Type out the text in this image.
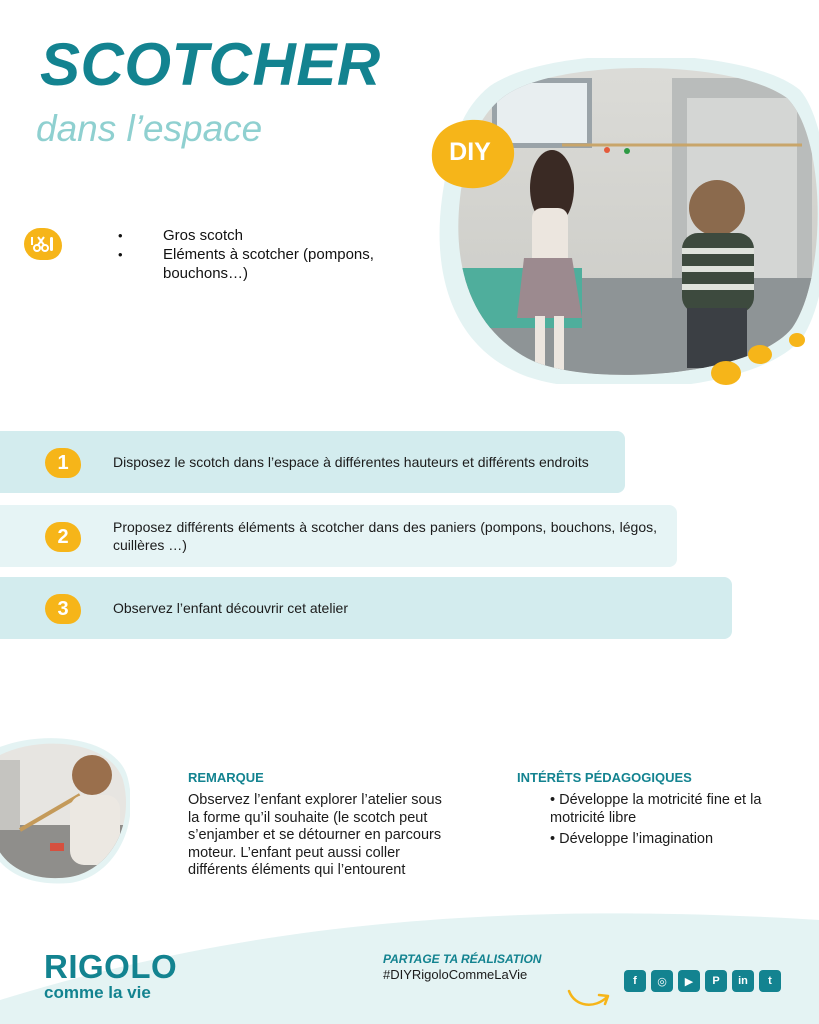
SCOTCHER
dans l’espace
• Gros scotch
• Eléments à scotcher (pompons, bouchons…)
DIY
1	Disposez le scotch dans l’espace à différentes hauteurs et différents endroits
2	Proposez différents éléments à scotcher dans des paniers (pompons, bouchons, légos, cuillères …)
3	Observez l’enfant découvrir cet atelier
REMARQUE
Observez l’enfant explorer l’atelier sous la forme qu’il souhaite (le scotch peut s’enjamber et se détourner en parcours moteur. L’enfant peut aussi coller différents éléments qui l’entourent
INTÉRÊTS PÉDAGOGIQUES
• Développe la motricité fine et la motricité libre
• Développe l’imagination
RIGOLO
comme la vie
PARTAGE TA RÉALISATION
#DIYRigoloCommeLaVie	f	◎	▶	P	in	t
